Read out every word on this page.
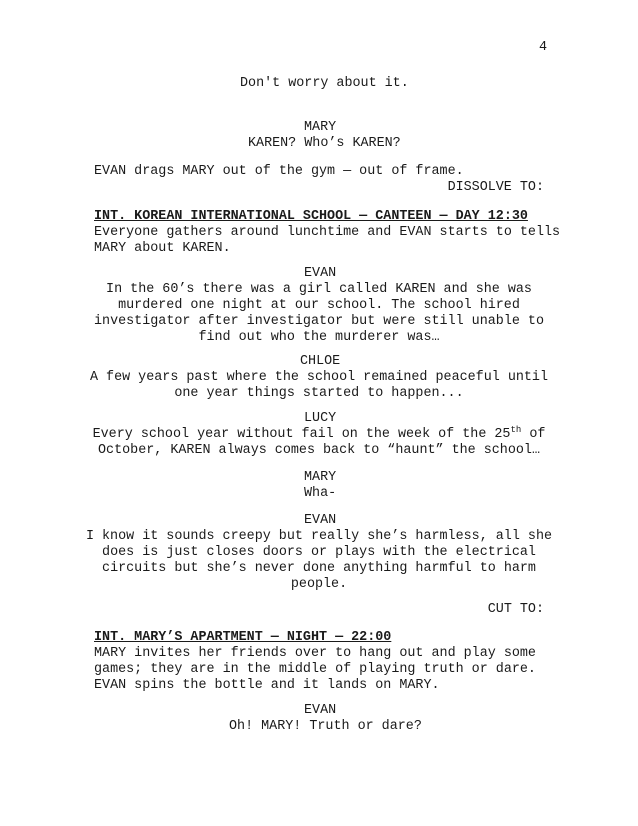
4
Don't worry about it.
MARY
KAREN? Who’s KAREN?
EVAN drags MARY out of the gym — out of frame.
DISSOLVE TO:
INT. KOREAN INTERNATIONAL SCHOOL — CANTEEN — DAY 12:30
Everyone gathers around lunchtime and EVAN starts to tells
MARY about KAREN.
EVAN
In the 60’s there was a girl called KAREN and she was
murdered one night at our school. The school hired
investigator after investigator but were still unable to
find out who the murderer was…
CHLOE
A few years past where the school remained peaceful until
one year things started to happen...
LUCY
Every school year without fail on the week of the 25th of
October, KAREN always comes back to “haunt” the school…
MARY
Wha-
EVAN
I know it sounds creepy but really she’s harmless, all she
does is just closes doors or plays with the electrical
circuits but she’s never done anything harmful to harm
people.
CUT TO:
INT. MARY’S APARTMENT — NIGHT — 22:00
MARY invites her friends over to hang out and play some
games; they are in the middle of playing truth or dare.
EVAN spins the bottle and it lands on MARY.
EVAN
Oh! MARY! Truth or dare?
